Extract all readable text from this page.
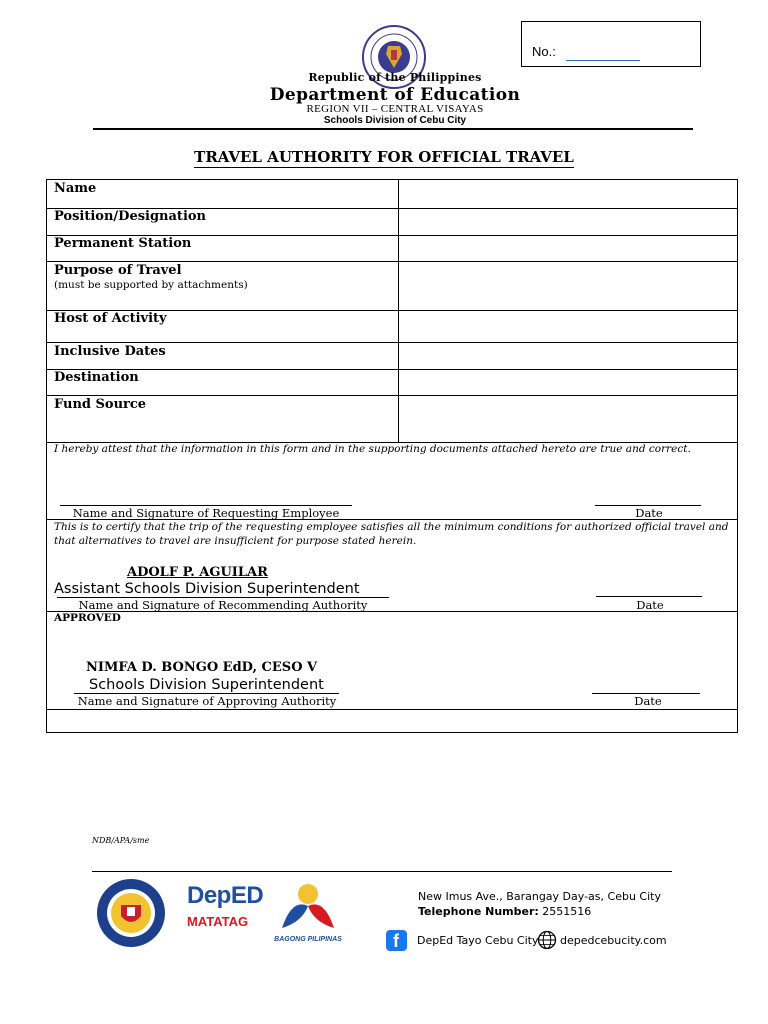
No.:
Republic of the Philippines
Department of Education
REGION VII – CENTRAL VISAYAS
Schools Division of Cebu City
TRAVEL AUTHORITY FOR OFFICIAL TRAVEL
Name
Position/Designation
Permanent Station
Purpose of Travel
(must be supported by attachments)
Host of Activity
Inclusive Dates
Destination
Fund Source
I hereby attest that the information in this form and in the supporting documents attached hereto are true and correct.
Name and Signature of Requesting Employee	Date
This is to certify that the trip of the requesting employee satisfies all the minimum conditions for authorized official travel and that alternatives to travel are insufficient for purpose stated herein.
ADOLF P. AGUILAR
Assistant Schools Division Superintendent
Name and Signature of Recommending Authority	Date
APPROVED
NIMFA D. BONGO EdD, CESO V
Schools Division Superintendent
Name and Signature of Approving Authority	Date
NDB/APA/sme
DepED
MATATAG
BAGONG PILIPINAS
New Imus Ave., Barangay Day-as, Cebu City
Telephone Number: 2551516
f DepEd Tayo Cebu City depedcebucity.com
